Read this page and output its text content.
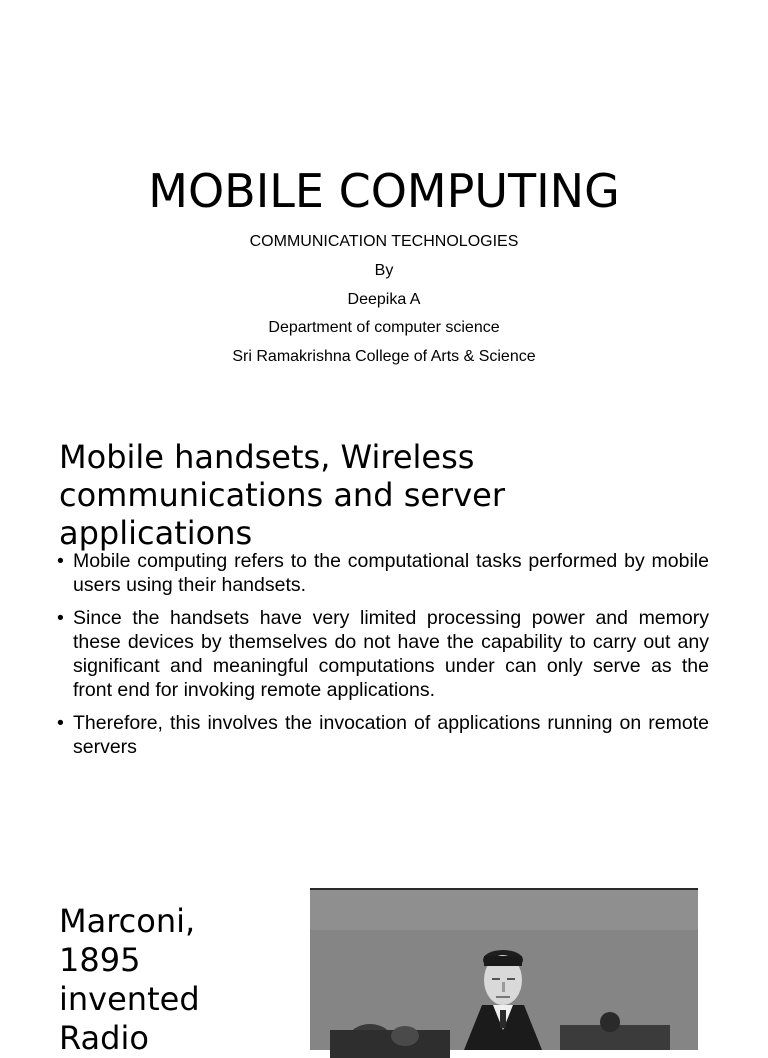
MOBILE COMPUTING
COMMUNICATION TECHNOLOGIES
By
Deepika A
Department of computer science
Sri Ramakrishna College of Arts & Science
Mobile handsets, Wireless
communications and server
applications
• Mobile computing refers to the computational tasks performed by mobile users using their handsets.
• Since the handsets have very limited processing power and memory these devices by themselves do not have the capability to carry out any significant and meaningful computations under can only serve as the front end for invoking remote applications.
• Therefore, this involves the invocation of applications running on remote servers
Marconi,
1895
invented
Radio
